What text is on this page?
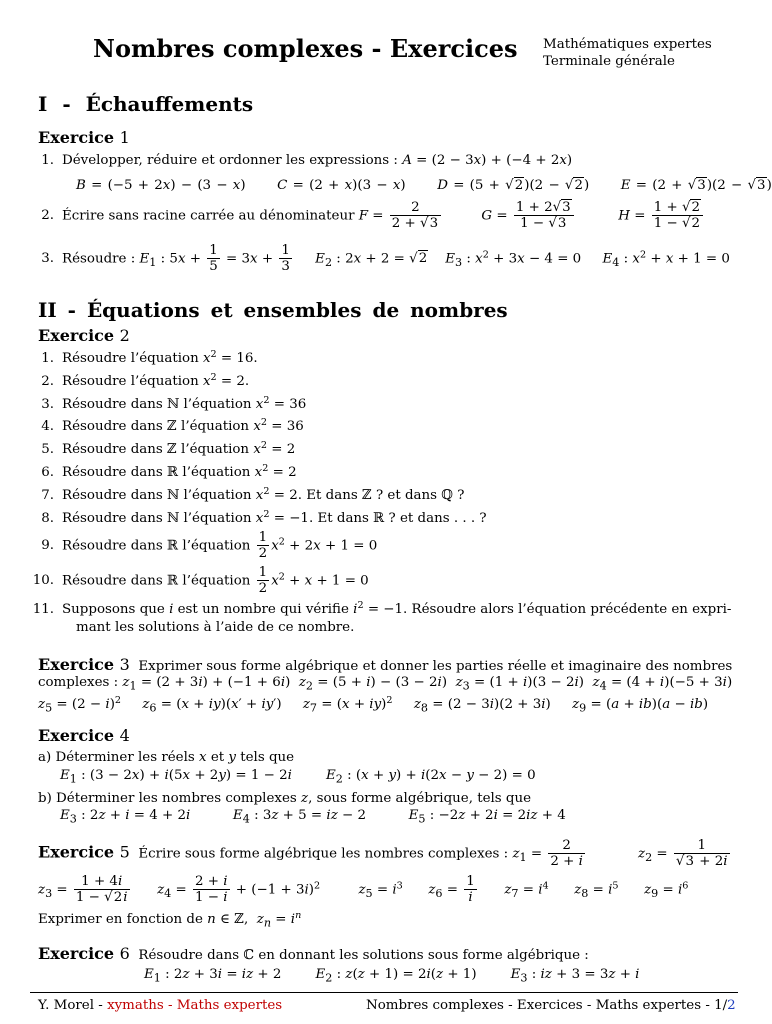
Nombres complexes - Exercices Mathématiques expertes
Terminale générale
I - Échauffements
Exercice 1
1. Développer, réduire et ordonner les expressions : A = (2 − 3x) + (−4 + 2x)
B = (−5 + 2x) − (3 − x)      C = (2 + x)(3 − x)      D = (5 + √2)(2 − √2)      E = (2 + √3)(2 − √3)
2. Écrire sans racine carrée au dénominateur $F = \frac{2}{2 + √3}$	$G = \frac{1 + 2√3}{1 - √3}$	$H = \frac{1 + √2}{1 - √2}$
3. Résoudre : $E_1$ : $5x + \frac{1}{5} = 3x + \frac{1}{3} E_2$ : 2x + 2 = √2 $E_3$ : $x^2 + 3x - 4 = 0$     $E_4$ : $x^2 + x + 1 = 0$
II - Équations et ensembles de nombres
Exercice 2
1. Résoudre l’équation $x^2 = 16$.
2. Résoudre l’équation $x^2 = 2$.
3. Résoudre dans ℕ l’équation $x^2 = 36$
4. Résoudre dans ℤ l’équation $x^2 = 36$
5. Résoudre dans ℤ l’équation $x^2 = 2$
6. Résoudre dans ℝ l’équation $x^2 = 2$
7. Résoudre dans ℕ l’équation $x^2 = 2$. Et dans ℤ ? et dans ℚ ?
8. Résoudre dans ℕ l’équation $x^2 = -1$. Et dans ℝ ? et dans . . . ?
9. Résoudre dans ℝ l’équation $\frac{1}{2} x^2 + 2x + 1 = 0$
10. Résoudre dans ℝ l’équation $\frac{1}{2} x^2 + x + 1 = 0$
11. Supposons que i est un nombre qui vérifie $i^2 = -1$. Résoudre alors l’équation précédente en expri-
mant les solutions à l’aide de ce nombre.
Exercice 3  Exprimer sous forme algébrique et donner les parties réelle et imaginaire des nombres
complexes : $z_1 = (2 + 3i) + (-1 + 6i) z_2 = (5 + i) - (3 - 2i) z_3 = (1 + i)(3 - 2i) z_4 = (4 + i)(-5 + 3i)$
$z_5 = (2 - i)^2$ $z_6 = (x + iy)(x' + iy')$     $z_7 = (x + iy)^2$ $z_8 = (2 - 3i)(2 + 3i)$     $z_9 = (a + ib)(a - ib)$
Exercice 4
a) Déterminer les réels x et y tels que
$E_1$ : (3 − 2x) + i(5x + 2y) = 1 − 2i	$E_2$ : (x + y) + i(2x − y − 2) = 0
b) Déterminer les nombres complexes z, sous forme algébrique, tels que
$E_3$ : 2z + i = 4 + 2i	$E_4$ : 3z + 5 = iz − 2          $E_5$ : −2z + 2i = 2iz + 4
Exercice 5  Écrire sous forme algébrique les nombres complexes : $z_1 = \frac{2}{2 + i}$	$z_2 = \frac{1}{√3 + 2i}$
$z_3 = \frac{1 + 4i}{1 - √2i} z_4 = \frac{2 + i}{1 - i} + (-1 + 3i)^2$	$z_5 = i^3$ $z_6 = \frac{1}{i} z_7 = i^4$ $z_8 = i^5$ $z_9 = i^6$
Exprimer en fonction de n ∈ ℤ,  $z_n = i^n$
Exercice 6 Résoudre dans ℂ en donnant les solutions sous forme algébrique :
$E_1$ : 2z + 3i = iz + 2        $E_2$ : z(z + 1) = 2i(z + 1)        $E_3$ : iz + 3 = 3z + i
Y. Morel - xymaths - Maths expertes	Nombres complexes - Exercices - Maths expertes - 1/2
